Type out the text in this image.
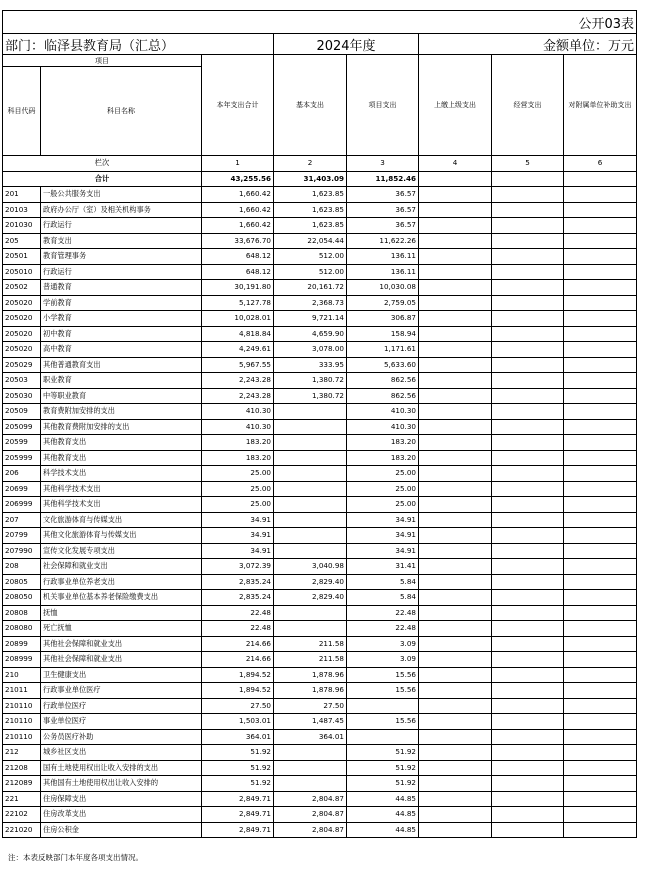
公开03表							
部门：临泽县教育局（汇总）			2024年度		金额单位：万元		
项目		本年支出合计	基本支出	项目支出	上缴上级支出	经营支出	对附属单位补助支出
科目代码	科目名称						
栏次		1	2	3	4	5	6
合计		43,255.56	31,403.09	11,852.46			
201	一般公共服务支出	1,660.42	1,623.85	36.57			
20103	政府办公厅（室）及相关机构事务	1,660.42	1,623.85	36.57			
201030	行政运行	1,660.42	1,623.85	36.57			
205	教育支出	33,676.70	22,054.44	11,622.26			
20501	教育管理事务	648.12	512.00	136.11			
205010	行政运行	648.12	512.00	136.11			
20502	普通教育	30,191.80	20,161.72	10,030.08			
205020	学前教育	5,127.78	2,368.73	2,759.05			
205020	小学教育	10,028.01	9,721.14	306.87			
205020	初中教育	4,818.84	4,659.90	158.94			
205020	高中教育	4,249.61	3,078.00	1,171.61			
205029	其他普通教育支出	5,967.55	333.95	5,633.60			
20503	职业教育	2,243.28	1,380.72	862.56			
205030	中等职业教育	2,243.28	1,380.72	862.56			
20509	教育费附加安排的支出	410.30		410.30			
205099	其他教育费附加安排的支出	410.30		410.30			
20599	其他教育支出	183.20		183.20			
205999	其他教育支出	183.20		183.20			
206	科学技术支出	25.00		25.00			
20699	其他科学技术支出	25.00		25.00			
206999	其他科学技术支出	25.00		25.00			
207	文化旅游体育与传媒支出	34.91		34.91			
20799	其他文化旅游体育与传媒支出	34.91		34.91			
207990	宣传文化发展专项支出	34.91		34.91			
208	社会保障和就业支出	3,072.39	3,040.98	31.41			
20805	行政事业单位养老支出	2,835.24	2,829.40	5.84			
208050	机关事业单位基本养老保险缴费支出	2,835.24	2,829.40	5.84			
20808	抚恤	22.48		22.48			
208080	死亡抚恤	22.48		22.48			
20899	其他社会保障和就业支出	214.66	211.58	3.09			
208999	其他社会保障和就业支出	214.66	211.58	3.09			
210	卫生健康支出	1,894.52	1,878.96	15.56			
21011	行政事业单位医疗	1,894.52	1,878.96	15.56			
210110	行政单位医疗	27.50	27.50				
210110	事业单位医疗	1,503.01	1,487.45	15.56			
210110	公务员医疗补助	364.01	364.01				
212	城乡社区支出	51.92		51.92			
21208	国有土地使用权出让收入安排的支出	51.92		51.92			
212089	其他国有土地使用权出让收入安排的	51.92		51.92			
221	住房保障支出	2,849.71	2,804.87	44.85			
22102	住房改革支出	2,849.71	2,804.87	44.85			
221020	住房公积金	2,849.71	2,804.87	44.85			
注：本表反映部门本年度各项支出情况。
